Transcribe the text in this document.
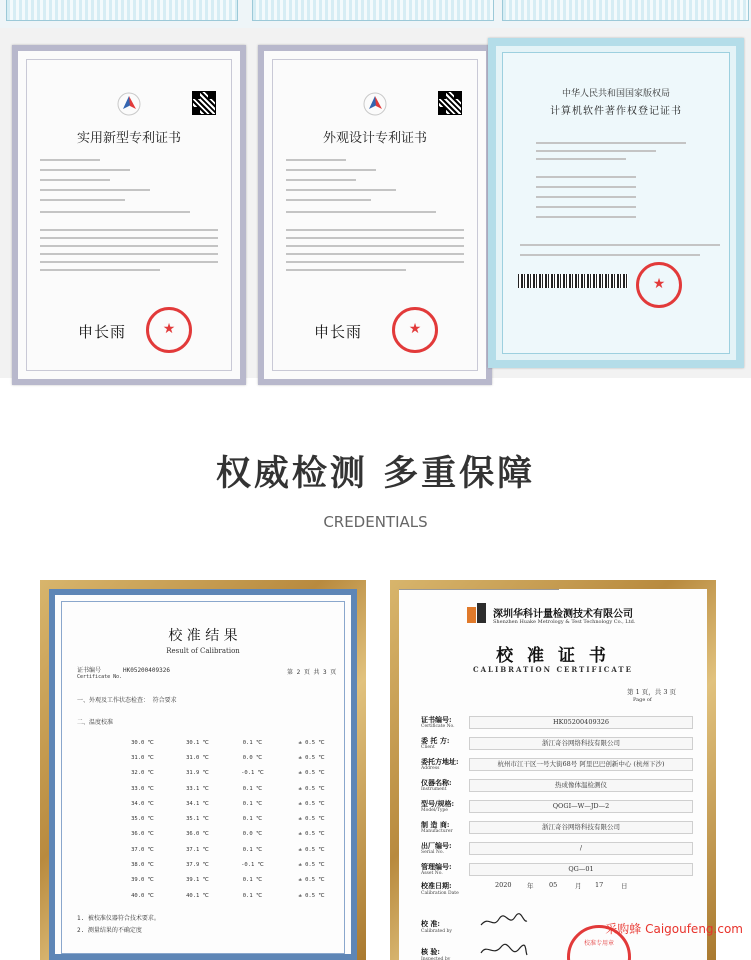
实用新型专利证书
申长雨
★
外观设计专利证书
申长雨
★
中华人民共和国国家版权局
计算机软件著作权登记证书
★
权威检测 多重保障
CREDENTIALS
校 准 结 果
Result of Calibration
证书编号
Certificate No.
HK05200409326	第 2 页 共 3 页
一、外观及工作状态检查： 符合要求
二、温度校准
30.0 ℃	30.1 ℃	0.1 ℃	± 0.5 ℃
31.0 ℃	31.0 ℃	0.0 ℃	± 0.5 ℃
32.0 ℃	31.9 ℃	-0.1 ℃	± 0.5 ℃
33.0 ℃	33.1 ℃	0.1 ℃	± 0.5 ℃
34.0 ℃	34.1 ℃	0.1 ℃	± 0.5 ℃
35.0 ℃	35.1 ℃	0.1 ℃	± 0.5 ℃
36.0 ℃	36.0 ℃	0.0 ℃	± 0.5 ℃
37.0 ℃	37.1 ℃	0.1 ℃	± 0.5 ℃
38.0 ℃	37.9 ℃	-0.1 ℃	± 0.5 ℃
39.0 ℃	39.1 ℃	0.1 ℃	± 0.5 ℃
40.0 ℃	40.1 ℃	0.1 ℃	± 0.5 ℃
1. 被校准仪器符合技术要求。
2. 测量结果的不确定度
深圳华科计量检测技术有限公司
Shenzhen Huake Metrology & Test Technology Co., Ltd.
校 准 证 书
CALIBRATION CERTIFICATE
第 1 页，共 3 页
Page of
证书编号:
Certificate No.
HK05200409326
委 托 方:
Client
浙江奇谷网络科技有限公司
委托方地址:
Address
杭州市江干区一号大街68号 阿里巴巴创新中心 (杭州下沙)
仪器名称:
Instrument
热成像体温检测仪
型号/规格:
Model/Type
QOGI—W—JD—2
制 造 商:
Manufacturer
浙江奇谷网络科技有限公司
出厂编号:
Serial No.
/
管理编号:
Asset No.
QG—01
校准日期:
Calibration Date
2020 年 05	月 17	日
校 准:
Calibrated by
核 验:
Inspected by
校准专用章
采购蜂 Caigoufeng.com
